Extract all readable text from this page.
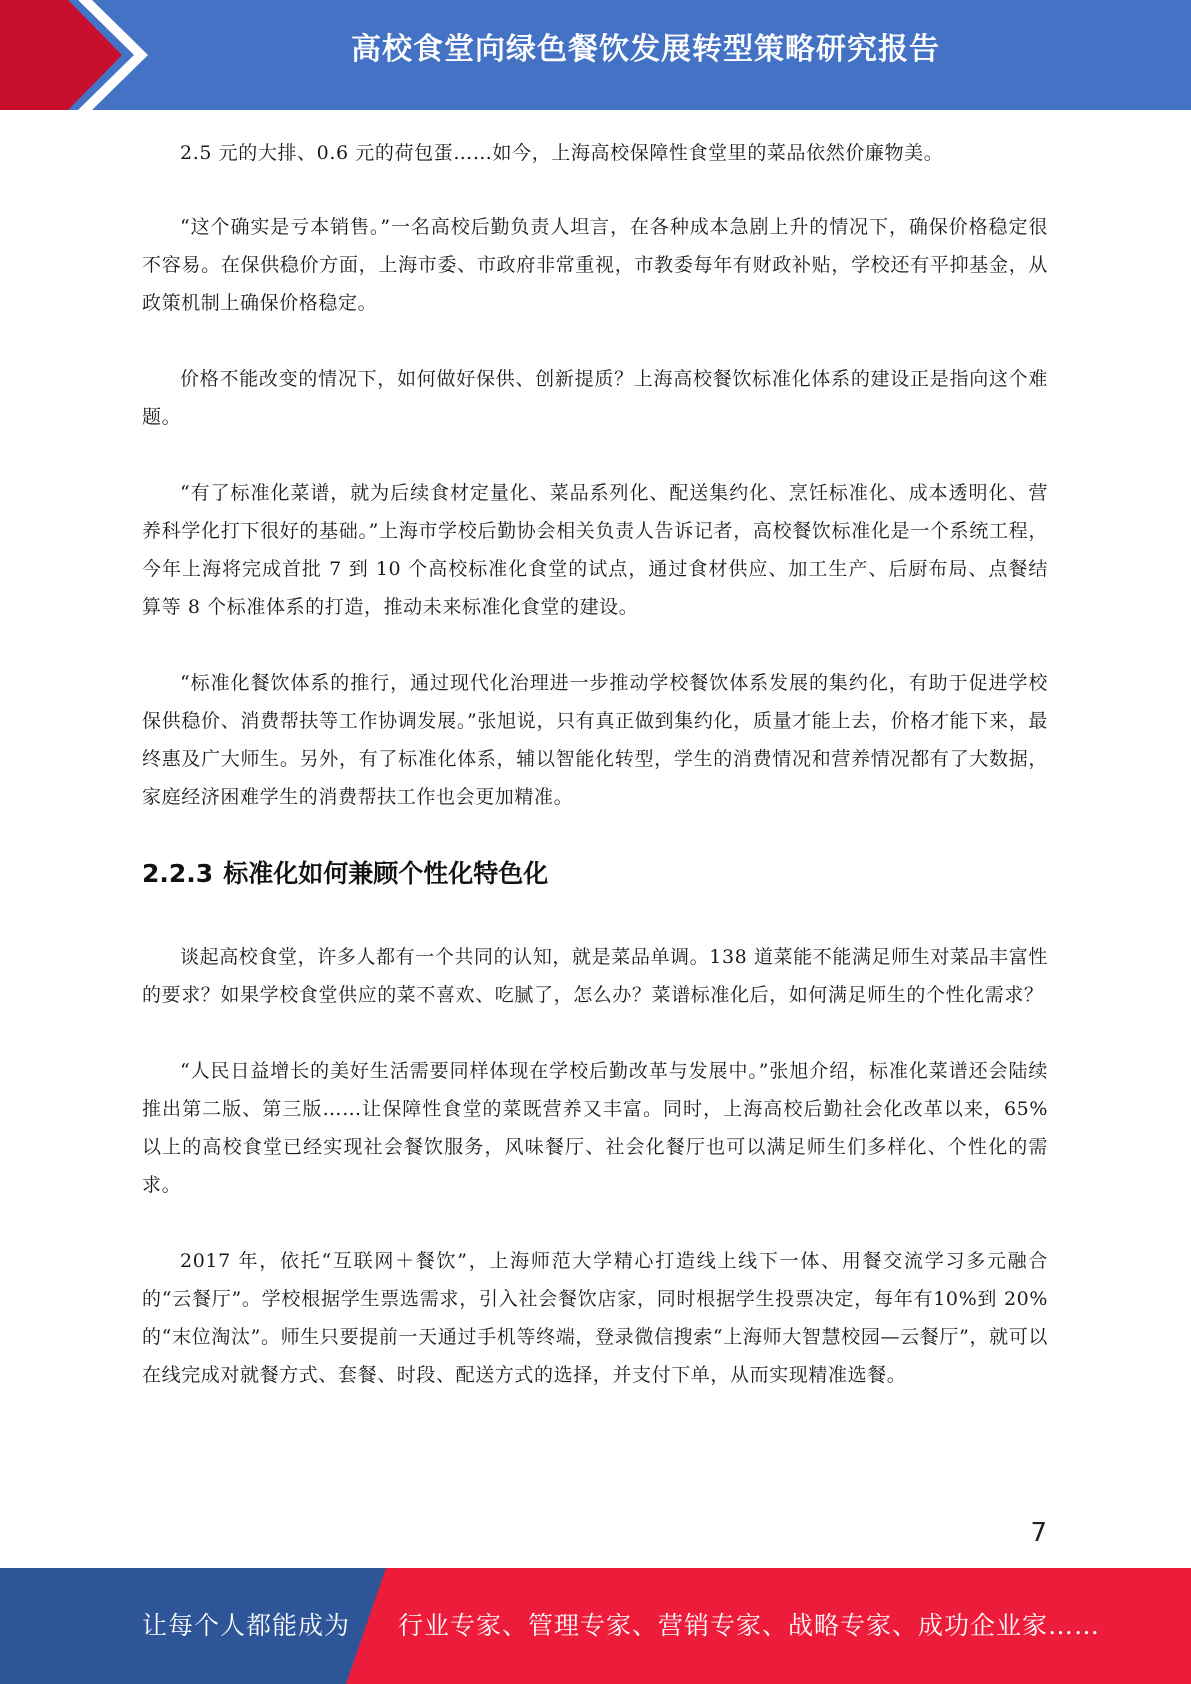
高校食堂向绿色餐饮发展转型策略研究报告

2.5 元的大排、0.6 元的荷包蛋……如今，上海高校保障性食堂里的菜品依然价廉物美。

“这个确实是亏本销售。”一名高校后勤负责人坦言，在各种成本急剧上升的情况下，确保价格稳定很不容易。在保供稳价方面，上海市委、市政府非常重视，市教委每年有财政补贴，学校还有平抑基金，从政策机制上确保价格稳定。

价格不能改变的情况下，如何做好保供、创新提质？上海高校餐饮标准化体系的建设正是指向这个难题。

“有了标准化菜谱，就为后续食材定量化、菜品系列化、配送集约化、烹饪标准化、成本透明化、营养科学化打下很好的基础。”上海市学校后勤协会相关负责人告诉记者，高校餐饮标准化是一个系统工程，今年上海将完成首批 7 到 10 个高校标准化食堂的试点，通过食材供应、加工生产、后厨布局、点餐结算等 8 个标准体系的打造，推动未来标准化食堂的建设。

“标准化餐饮体系的推行，通过现代化治理进一步推动学校餐饮体系发展的集约化，有助于促进学校保供稳价、消费帮扶等工作协调发展。”张旭说，只有真正做到集约化，质量才能上去，价格才能下来，最终惠及广大师生。另外，有了标准化体系，辅以智能化转型，学生的消费情况和营养情况都有了大数据，家庭经济困难学生的消费帮扶工作也会更加精准。

2.2.3 标准化如何兼顾个性化特色化

谈起高校食堂，许多人都有一个共同的认知，就是菜品单调。138 道菜能不能满足师生对菜品丰富性的要求？如果学校食堂供应的菜不喜欢、吃腻了，怎么办？菜谱标准化后，如何满足师生的个性化需求？

“人民日益增长的美好生活需要同样体现在学校后勤改革与发展中。”张旭介绍，标准化菜谱还会陆续推出第二版、第三版……让保障性食堂的菜既营养又丰富。同时，上海高校后勤社会化改革以来，65%以上的高校食堂已经实现社会餐饮服务，风味餐厅、社会化餐厅也可以满足师生们多样化、个性化的需求。

2017 年，依托“互联网＋餐饮”，上海师范大学精心打造线上线下一体、用餐交流学习多元融合的“云餐厅”。学校根据学生票选需求，引入社会餐饮店家，同时根据学生投票决定，每年有10%到 20%的“末位淘汰”。师生只要提前一天通过手机等终端，登录微信搜索“上海师大智慧校园—云餐厅”，就可以在线完成对就餐方式、套餐、时段、配送方式的选择，并支付下单，从而实现精准选餐。

7
让每个人都能成为 行业专家、管理专家、营销专家、战略专家、成功企业家……
